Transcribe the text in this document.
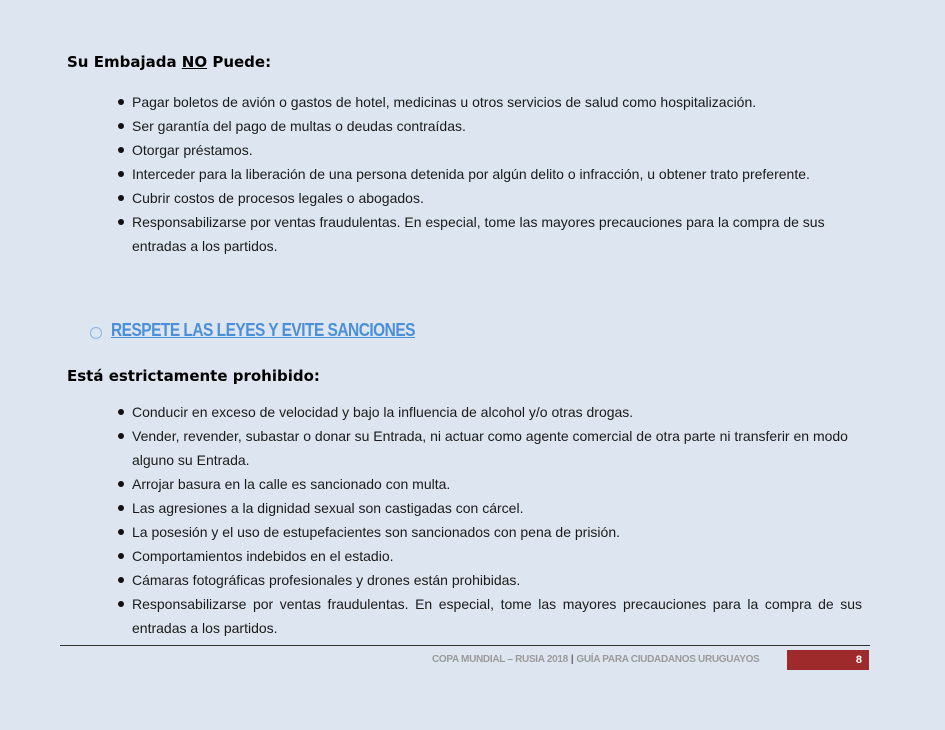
Su Embajada NO Puede:
Pagar boletos de avión o gastos de hotel, medicinas u otros servicios de salud como hospitalización.
Ser garantía del pago de multas o deudas contraídas.
Otorgar préstamos.
Interceder para la liberación de una persona detenida por algún delito o infracción, u obtener trato preferente.
Cubrir costos de procesos legales o abogados.
Responsabilizarse por ventas fraudulentas. En especial, tome las mayores precauciones para la compra de sus entradas a los partidos.
RESPETE LAS LEYES Y EVITE SANCIONES
Está estrictamente prohibido:
Conducir en exceso de velocidad y bajo la influencia de alcohol y/o otras drogas.
Vender, revender, subastar o donar su Entrada, ni actuar como agente comercial de otra parte ni transferir en modo alguno su Entrada.
Arrojar basura en la calle es sancionado con multa.
Las agresiones a la dignidad sexual son castigadas con cárcel.
La posesión y el uso de estupefacientes son sancionados con pena de prisión.
Comportamientos indebidos en el estadio.
Cámaras fotográficas profesionales y drones están prohibidas.
Responsabilizarse por ventas fraudulentas. En especial, tome las mayores precauciones para la compra de sus entradas a los partidos.
COPA MUNDIAL – RUSIA 2018 | GUÍA PARA CIUDADANOS URUGUAYOS	8
